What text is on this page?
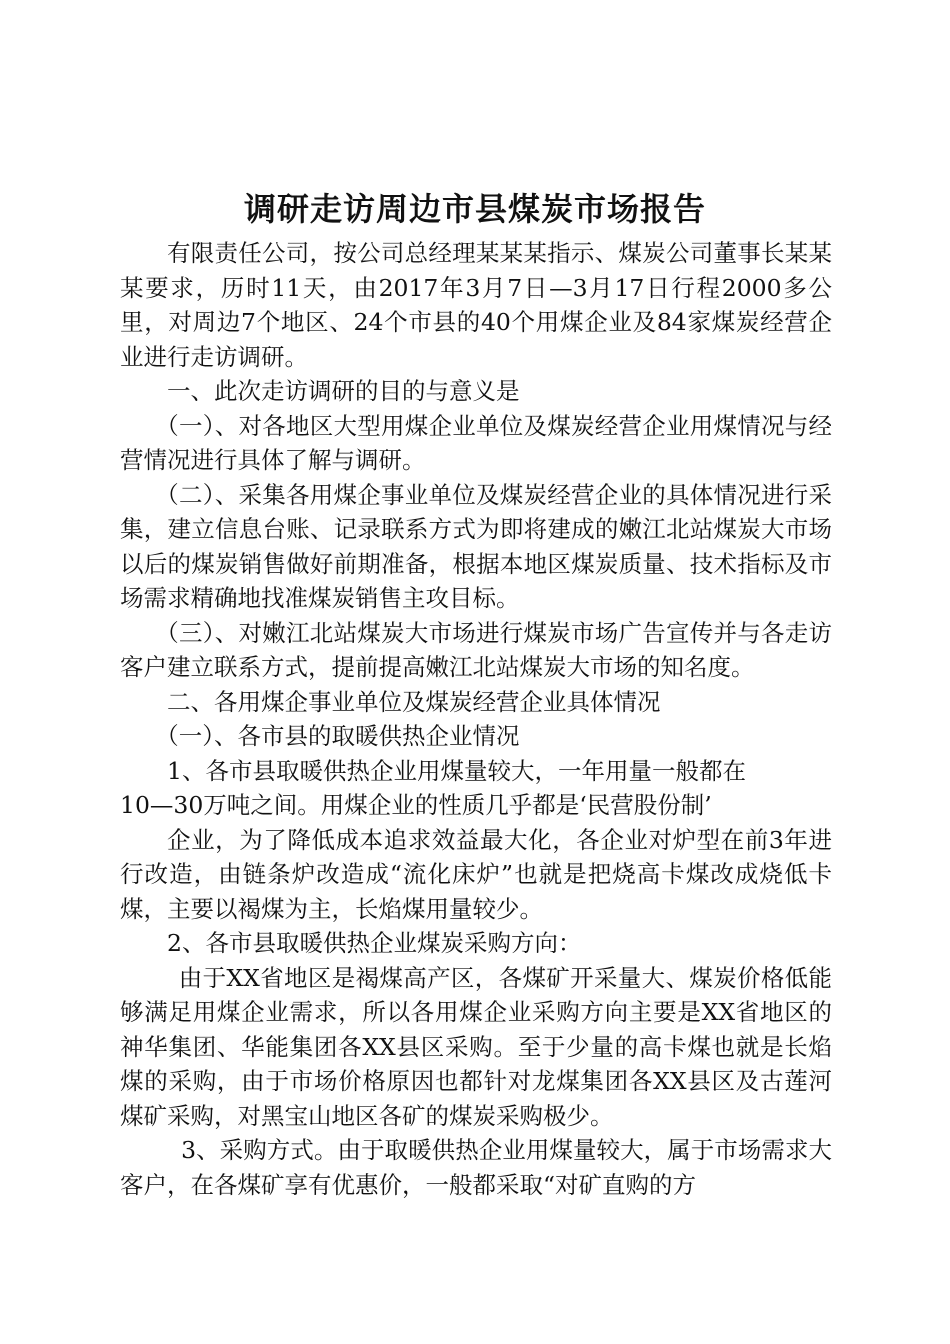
调研走访周边市县煤炭市场报告

有限责任公司，按公司总经理某某某指示、煤炭公司董事长某某某要求，历时11天，由2017年3月7日—3月17日行程2000多公里，对周边7个地区、24个市县的40个用煤企业及84家煤炭经营企业进行走访调研。

一、此次走访调研的目的与意义是

（一）、对各地区大型用煤企业单位及煤炭经营企业用煤情况与经营情况进行具体了解与调研。

（二）、采集各用煤企事业单位及煤炭经营企业的具体情况进行采集，建立信息台账、记录联系方式为即将建成的嫩江北站煤炭大市场以后的煤炭销售做好前期准备，根据本地区煤炭质量、技术指标及市场需求精确地找准煤炭销售主攻目标。

（三）、对嫩江北站煤炭大市场进行煤炭市场广告宣传并与各走访客户建立联系方式，提前提高嫩江北站煤炭大市场的知名度。

二、各用煤企事业单位及煤炭经营企业具体情况

（一）、各市县的取暖供热企业情况

1、各市县取暖供热企业用煤量较大，一年用量一般都在

10—30万吨之间。用煤企业的性质几乎都是‘民营股份制’

企业，为了降低成本追求效益最大化，各企业对炉型在前3年进行改造，由链条炉改造成“流化床炉”也就是把烧高卡煤改成烧低卡煤，主要以褐煤为主，长焰煤用量较少。

2、各市县取暖供热企业煤炭采购方向：

由于XX省地区是褐煤高产区，各煤矿开采量大、煤炭价格低能够满足用煤企业需求，所以各用煤企业采购方向主要是XX省地区的神华集团、华能集团各XX县区采购。至于少量的高卡煤也就是长焰煤的采购，由于市场价格原因也都针对龙煤集团各XX县区及古莲河煤矿采购，对黑宝山地区各矿的煤炭采购极少。

3、采购方式。由于取暖供热企业用煤量较大，属于市场需求大客户，在各煤矿享有优惠价，一般都采取“对矿直购的方
